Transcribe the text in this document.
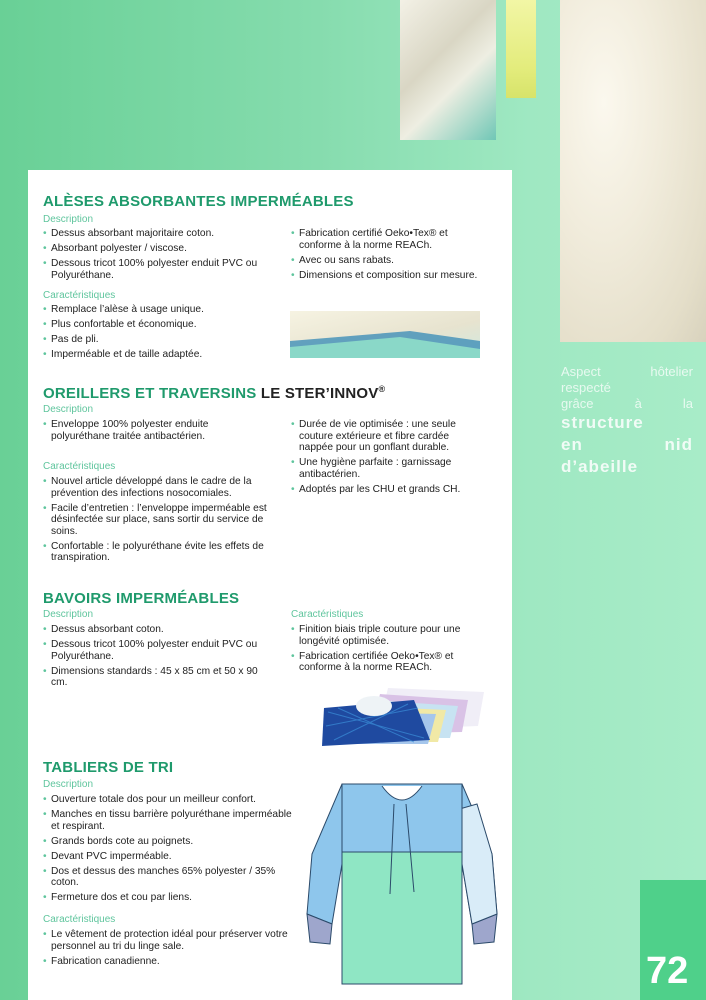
Aspect hôtelier
respecté
grâce à la
structure
en nid
d’abeille
ALÈSES ABSORBANTES IMPERMÉABLES
Description
• Dessus absorbant majoritaire coton.
• Absorbant polyester / viscose.
• Dessous tricot 100% polyester enduit PVC ou Polyuréthane.
• Fabrication certifié Oeko•Tex® et conforme à la norme REACh.
• Avec ou sans rabats.
• Dimensions et composition sur mesure.
Caractéristiques
• Remplace l’alèse à usage unique.
• Plus confortable et économique.
• Pas de pli.
• Imperméable et de taille adaptée.
OREILLERS ET TRAVERSINS LE STER’INNOV®
Description
• Enveloppe 100% polyester enduite polyuréthane traitée antibactérien.
Caractéristiques
• Nouvel article développé dans le cadre de la prévention des infections nosocomiales.
• Facile d’entretien : l’enveloppe imperméable est désinfectée sur place, sans sortir du service de soins.
• Confortable : le polyuréthane évite les effets de transpiration.
• Durée de vie optimisée : une seule couture extérieure et fibre cardée nappée pour un gonflant durable.
• Une hygiène parfaite : garnissage antibactérien.
• Adoptés par les CHU et grands CH.
BAVOIRS IMPERMÉABLES
Description
• Dessus absorbant coton.
• Dessous tricot 100% polyester enduit PVC ou Polyuréthane.
• Dimensions standards : 45 x 85 cm et 50 x 90 cm.
Caractéristiques
• Finition biais triple couture pour une longévité optimisée.
• Fabrication certifiée Oeko•Tex® et conforme à la norme REACh.
TABLIERS DE TRI
Description
• Ouverture totale dos pour un meilleur confort.
• Manches en tissu barrière polyuréthane imperméable et respirant.
• Grands bords cote au poignets.
• Devant PVC imperméable.
• Dos et dessus des manches 65% polyester / 35% coton.
• Fermeture dos et cou par liens.
Caractéristiques
• Le vêtement de protection idéal pour préserver votre personnel au tri du linge sale.
• Fabrication canadienne.	72
